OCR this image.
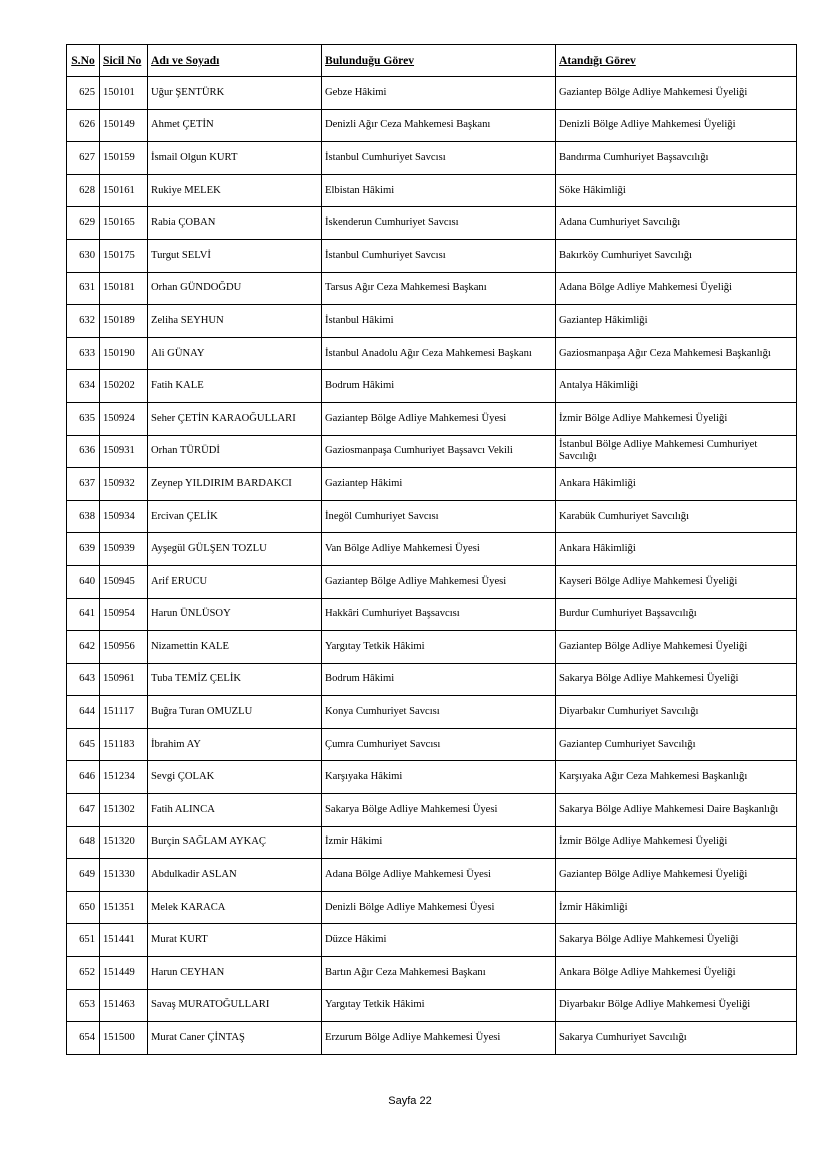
S.No	Sicil No	Adı ve Soyadı	Bulunduğu Görev	Atandığı Görev
625	150101	Uğur ŞENTÜRK	Gebze Hâkimi	Gaziantep Bölge Adliye Mahkemesi Üyeliği
626	150149	Ahmet ÇETİN	Denizli Ağır Ceza Mahkemesi Başkanı	Denizli Bölge Adliye Mahkemesi Üyeliği
627	150159	İsmail Olgun KURT	İstanbul Cumhuriyet Savcısı	Bandırma Cumhuriyet Başsavcılığı
628	150161	Rukiye MELEK	Elbistan Hâkimi	Söke Hâkimliği
629	150165	Rabia ÇOBAN	İskenderun Cumhuriyet Savcısı	Adana Cumhuriyet Savcılığı
630	150175	Turgut SELVİ	İstanbul Cumhuriyet Savcısı	Bakırköy Cumhuriyet Savcılığı
631	150181	Orhan GÜNDOĞDU	Tarsus Ağır Ceza Mahkemesi Başkanı	Adana Bölge Adliye Mahkemesi Üyeliği
632	150189	Zeliha SEYHUN	İstanbul Hâkimi	Gaziantep Hâkimliği
633	150190	Ali GÜNAY	İstanbul Anadolu Ağır Ceza Mahkemesi Başkanı	Gaziosmanpaşa Ağır Ceza Mahkemesi Başkanlığı
634	150202	Fatih KALE	Bodrum Hâkimi	Antalya Hâkimliği
635	150924	Seher ÇETİN KARAOĞULLARI	Gaziantep Bölge Adliye Mahkemesi Üyesi	İzmir Bölge Adliye Mahkemesi Üyeliği
636	150931	Orhan TÜRÜDİ	Gaziosmanpaşa Cumhuriyet Başsavcı Vekili	İstanbul Bölge Adliye Mahkemesi Cumhuriyet Savcılığı
637	150932	Zeynep YILDIRIM BARDAKCI	Gaziantep Hâkimi	Ankara Hâkimliği
638	150934	Ercivan ÇELİK	İnegöl Cumhuriyet Savcısı	Karabük Cumhuriyet Savcılığı
639	150939	Ayşegül GÜLŞEN TOZLU	Van Bölge Adliye Mahkemesi Üyesi	Ankara Hâkimliği
640	150945	Arif ERUCU	Gaziantep Bölge Adliye Mahkemesi Üyesi	Kayseri Bölge Adliye Mahkemesi Üyeliği
641	150954	Harun ÜNLÜSOY	Hakkâri Cumhuriyet Başsavcısı	Burdur Cumhuriyet Başsavcılığı
642	150956	Nizamettin KALE	Yargıtay Tetkik Hâkimi	Gaziantep Bölge Adliye Mahkemesi Üyeliği
643	150961	Tuba TEMİZ ÇELİK	Bodrum Hâkimi	Sakarya Bölge Adliye Mahkemesi Üyeliği
644	151117	Buğra Turan OMUZLU	Konya Cumhuriyet Savcısı	Diyarbakır Cumhuriyet Savcılığı
645	151183	İbrahim AY	Çumra Cumhuriyet Savcısı	Gaziantep Cumhuriyet Savcılığı
646	151234	Sevgi ÇOLAK	Karşıyaka Hâkimi	Karşıyaka Ağır Ceza Mahkemesi Başkanlığı
647	151302	Fatih ALINCA	Sakarya Bölge Adliye Mahkemesi Üyesi	Sakarya Bölge Adliye Mahkemesi Daire Başkanlığı
648	151320	Burçin SAĞLAM AYKAÇ	İzmir Hâkimi	İzmir Bölge Adliye Mahkemesi Üyeliği
649	151330	Abdulkadir ASLAN	Adana Bölge Adliye Mahkemesi Üyesi	Gaziantep Bölge Adliye Mahkemesi Üyeliği
650	151351	Melek KARACA	Denizli Bölge Adliye Mahkemesi Üyesi	İzmir Hâkimliği
651	151441	Murat KURT	Düzce Hâkimi	Sakarya Bölge Adliye Mahkemesi Üyeliği
652	151449	Harun CEYHAN	Bartın Ağır Ceza Mahkemesi Başkanı	Ankara Bölge Adliye Mahkemesi Üyeliği
653	151463	Savaş MURATOĞULLARI	Yargıtay Tetkik Hâkimi	Diyarbakır Bölge Adliye Mahkemesi Üyeliği
654	151500	Murat Caner ÇİNTAŞ	Erzurum Bölge Adliye Mahkemesi Üyesi	Sakarya Cumhuriyet Savcılığı
Sayfa 22
